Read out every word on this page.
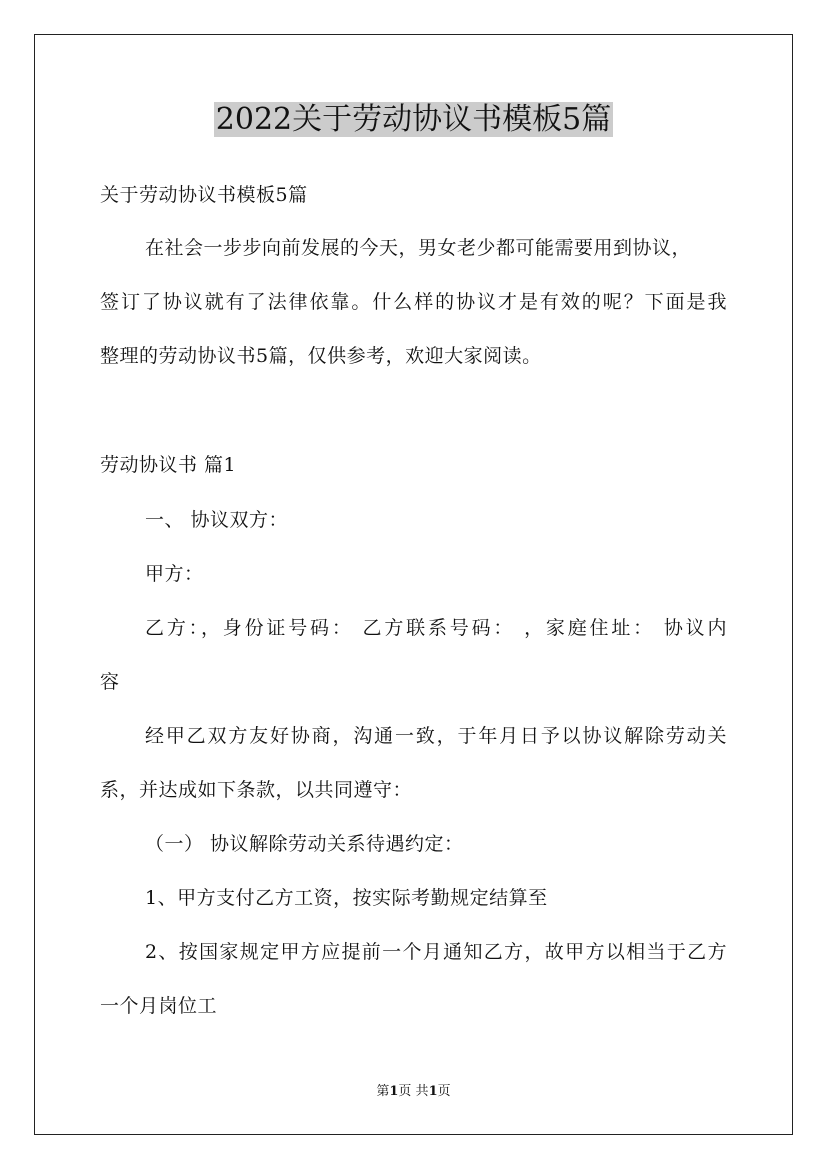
2022关于劳动协议书模板5篇
关于劳动协议书模板5篇
在社会一步步向前发展的今天，男女老少都可能需要用到协议，
签订了协议就有了法律依靠。什么样的协议才是有效的呢？下面是我
整理的劳动协议书5篇，仅供参考，欢迎大家阅读。
劳动协议书 篇1
一、 协议双方：
甲方：
乙方：，身份证号码： 乙方联系号码： ，家庭住址： 协议内
容
经甲乙双方友好协商，沟通一致，于年月日予以协议解除劳动关
系，并达成如下条款，以共同遵守：
（一） 协议解除劳动关系待遇约定：
1、甲方支付乙方工资，按实际考勤规定结算至
2、按国家规定甲方应提前一个月通知乙方，故甲方以相当于乙方
一个月岗位工
第1页 共1页
